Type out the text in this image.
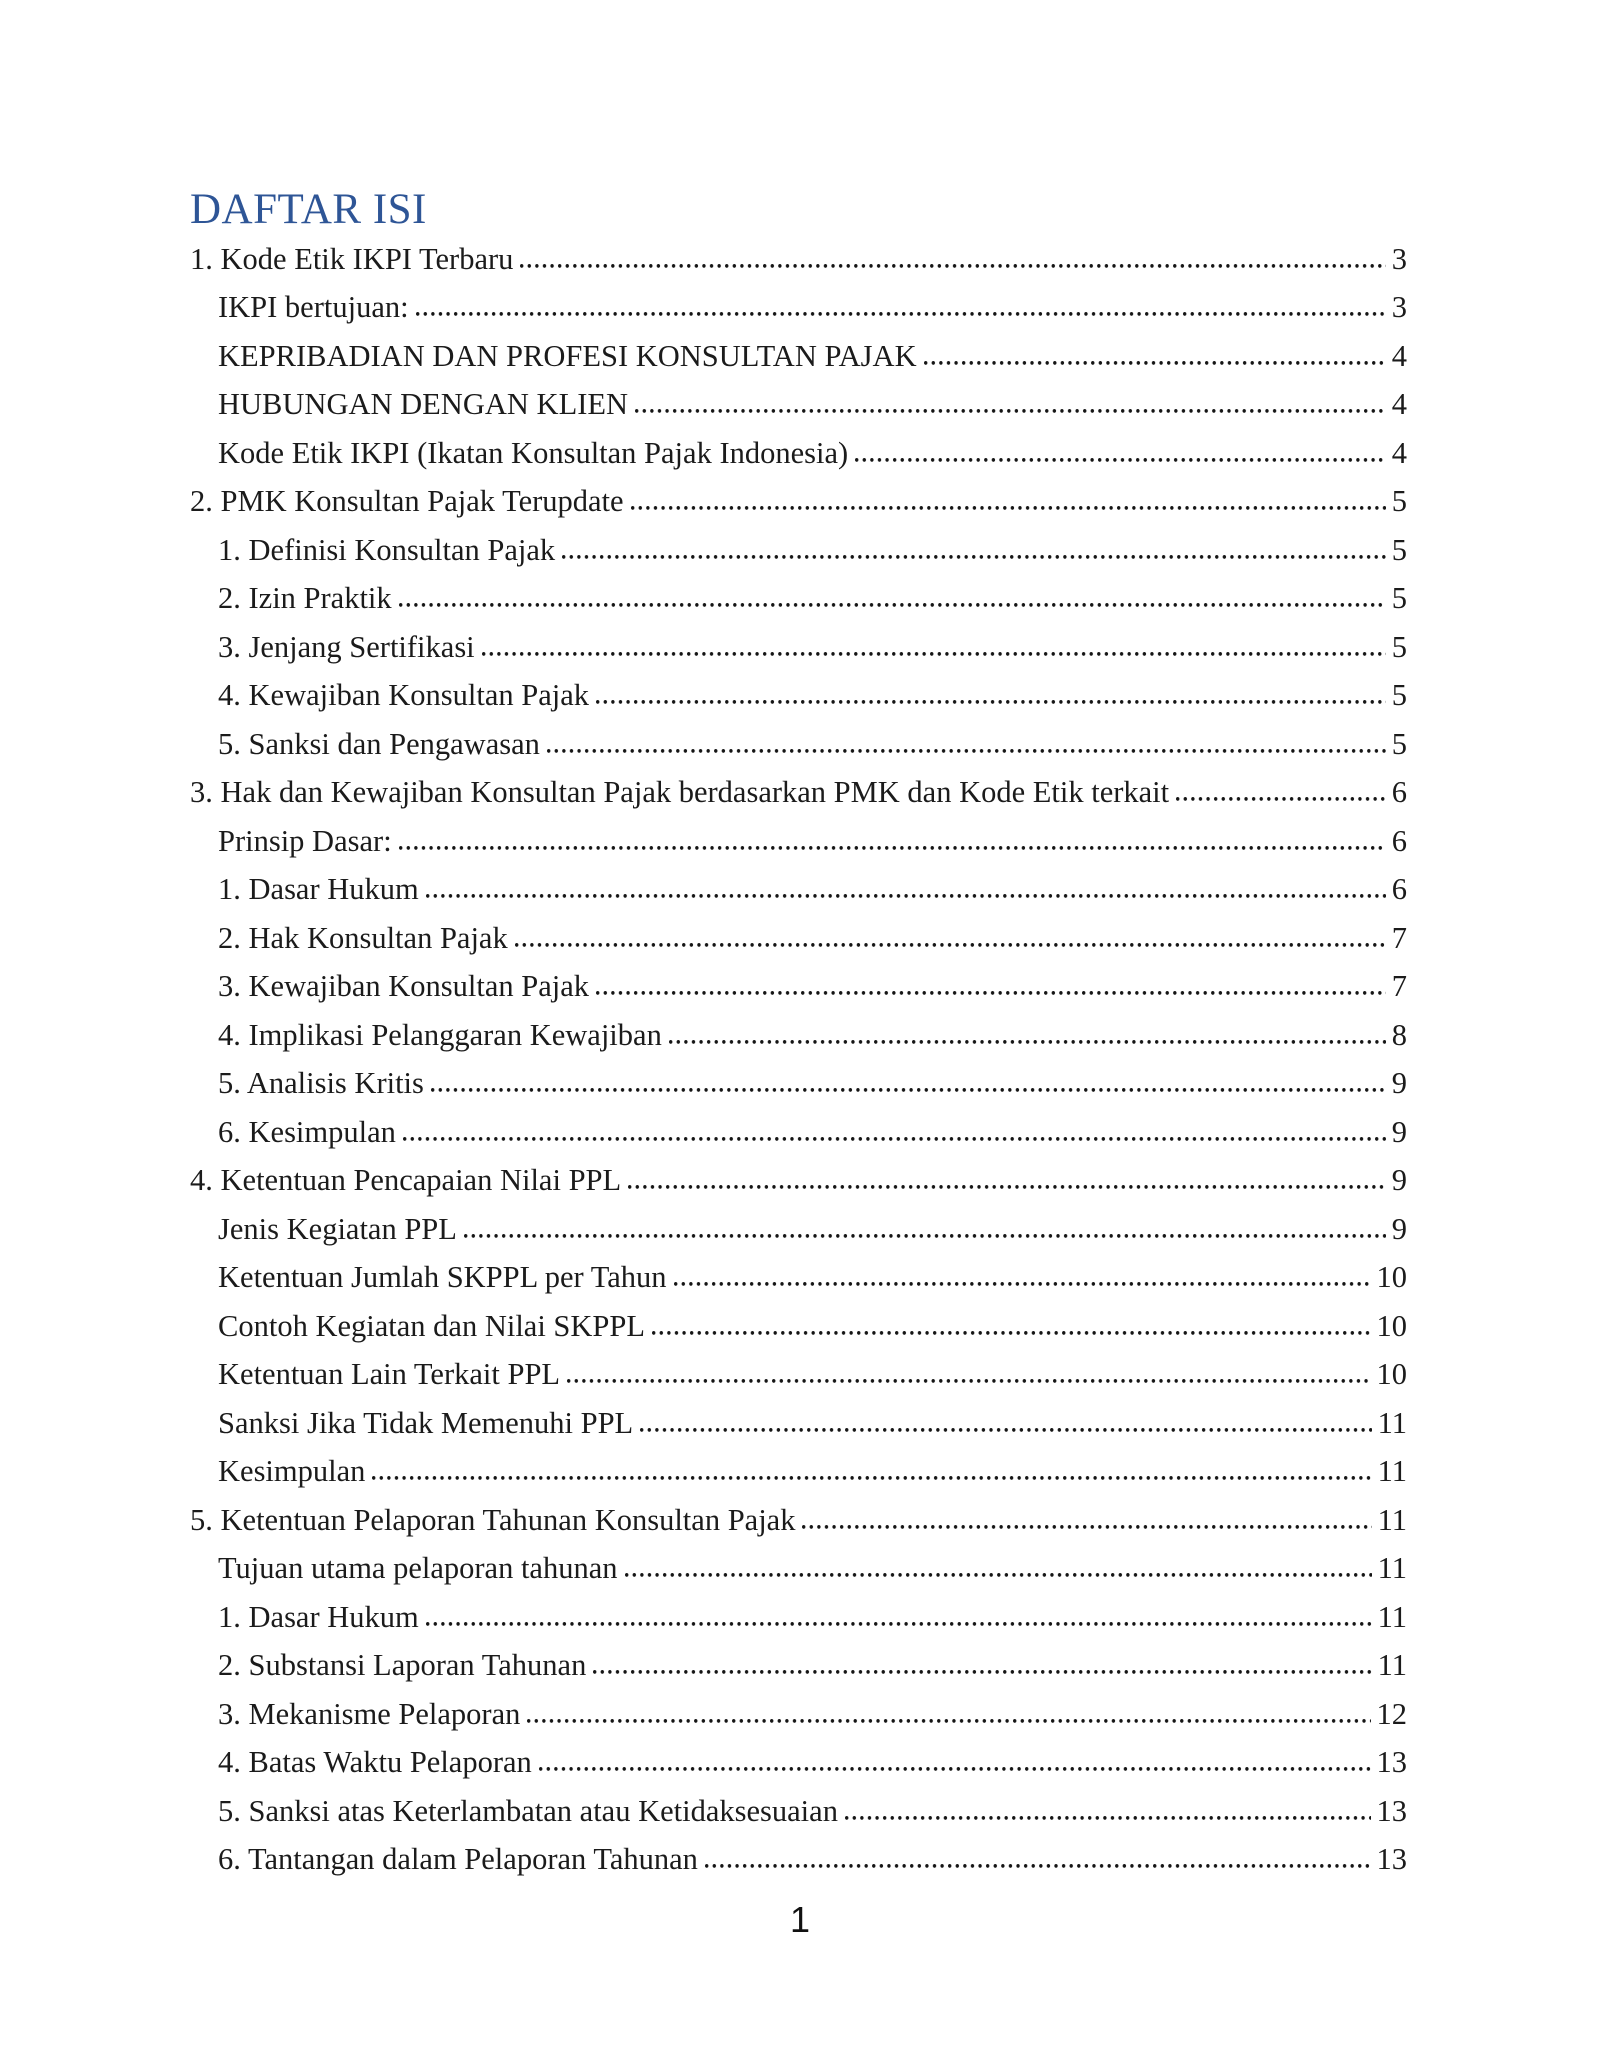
DAFTAR ISI
1. Kode Etik IKPI Terbaru	3
IKPI bertujuan:	3
KEPRIBADIAN DAN PROFESI KONSULTAN PAJAK	4
HUBUNGAN DENGAN KLIEN	4
Kode Etik IKPI (Ikatan Konsultan Pajak Indonesia)	4
2. PMK Konsultan Pajak Terupdate	5
1. Definisi Konsultan Pajak	5
2. Izin Praktik	5
3. Jenjang Sertifikasi	5
4. Kewajiban Konsultan Pajak	5
5. Sanksi dan Pengawasan	5
3. Hak dan Kewajiban Konsultan Pajak berdasarkan PMK dan Kode Etik terkait	6
Prinsip Dasar:	6
1. Dasar Hukum	6
2. Hak Konsultan Pajak	7
3. Kewajiban Konsultan Pajak	7
4. Implikasi Pelanggaran Kewajiban	8
5. Analisis Kritis	9
6. Kesimpulan	9
4. Ketentuan Pencapaian Nilai PPL	9
Jenis Kegiatan PPL	9
Ketentuan Jumlah SKPPL per Tahun	10
Contoh Kegiatan dan Nilai SKPPL	10
Ketentuan Lain Terkait PPL	10
Sanksi Jika Tidak Memenuhi PPL	11
Kesimpulan	11
5. Ketentuan Pelaporan Tahunan Konsultan Pajak	11
Tujuan utama pelaporan tahunan	11
1. Dasar Hukum	11
2. Substansi Laporan Tahunan	11
3. Mekanisme Pelaporan	12
4. Batas Waktu Pelaporan	13
5. Sanksi atas Keterlambatan atau Ketidaksesuaian	13
6. Tantangan dalam Pelaporan Tahunan	13
1
